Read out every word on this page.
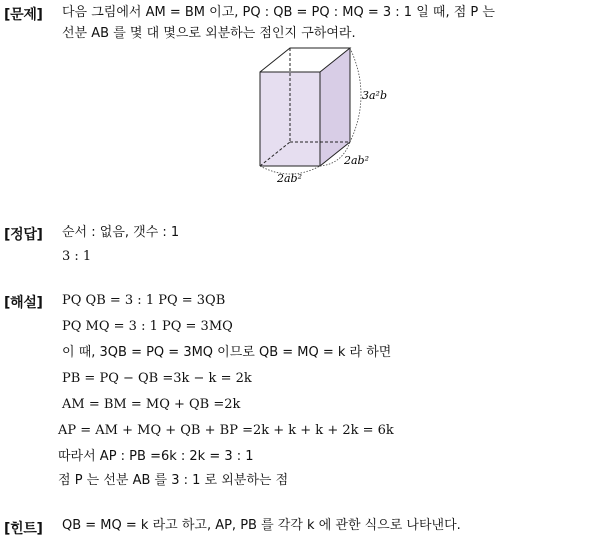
[문제] 다음 그림에서 AM = BM 이고, PQ : QB = PQ : MQ = 3 : 1 일 때, 점 P 는
선분 AB 를 몇 대 몇으로 외분하는 점인지 구하여라.
3a²b
2ab²
2ab²
[정답] 순서 : 없음, 갯수 : 1
3 : 1
[해설] PQ QB = 3 : 1 PQ = 3QB
PQ MQ = 3 : 1 PQ = 3MQ
이 때, 3QB = PQ = 3MQ 이므로 QB = MQ = k 라 하면
PB = PQ − QB =3k − k = 2k
AM = BM = MQ + QB =2k
AP = AM + MQ + QB + BP =2k + k + k + 2k = 6k
따라서 AP : PB =6k : 2k = 3 : 1
점 P 는 선분 AB 를 3 : 1 로 외분하는 점
[힌트] QB = MQ = k 라고 하고, AP, PB 를 각각 k 에 관한 식으로 나타낸다.
